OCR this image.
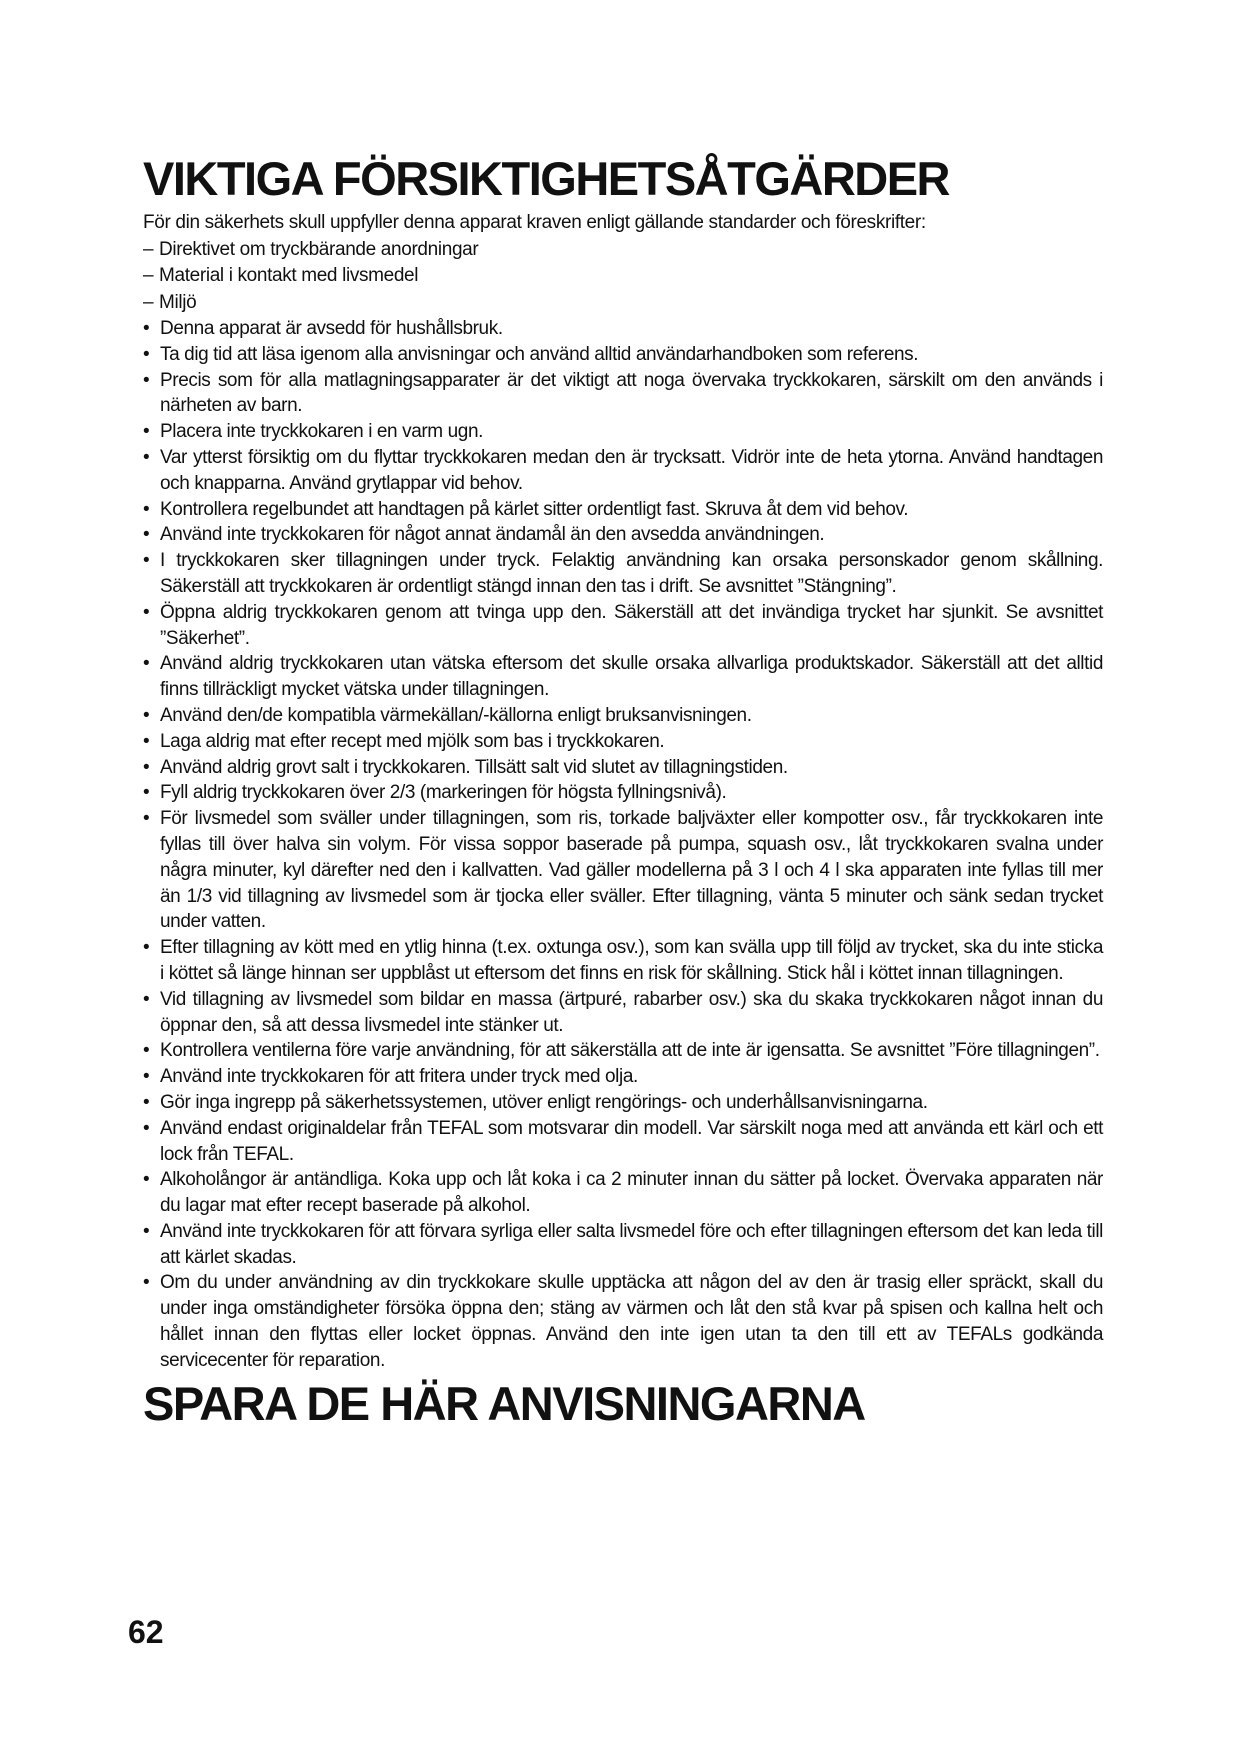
VIKTIGA FÖRSIKTIGHETSÅTGÄRDER

För din säkerhets skull uppfyller denna apparat kraven enligt gällande standarder och föreskrifter:

– Direktivet om tryckbärande anordningar
– Material i kontakt med livsmedel
– Miljö
• Denna apparat är avsedd för hushållsbruk.
• Ta dig tid att läsa igenom alla anvisningar och använd alltid användarhandboken som referens.
• Precis som för alla matlagningsapparater är det viktigt att noga övervaka tryckkokaren, särskilt om den används i närheten av barn.
• Placera inte tryckkokaren i en varm ugn.
• Var ytterst försiktig om du flyttar tryckkokaren medan den är trycksatt. Vidrör inte de heta ytorna. Använd handtagen och knapparna. Använd grytlappar vid behov.
• Kontrollera regelbundet att handtagen på kärlet sitter ordentligt fast. Skruva åt dem vid behov.
• Använd inte tryckkokaren för något annat ändamål än den avsedda användningen.
• I tryckkokaren sker tillagningen under tryck. Felaktig användning kan orsaka personskador genom skållning. Säkerställ att tryckkokaren är ordentligt stängd innan den tas i drift. Se avsnittet ”Stängning”.
• Öppna aldrig tryckkokaren genom att tvinga upp den. Säkerställ att det invändiga trycket har sjunkit. Se avsnittet ”Säkerhet”.
• Använd aldrig tryckkokaren utan vätska eftersom det skulle orsaka allvarliga produktskador. Säkerställ att det alltid finns tillräckligt mycket vätska under tillagningen.
• Använd den/de kompatibla värmekällan/-källorna enligt bruksanvisningen.
• Laga aldrig mat efter recept med mjölk som bas i tryckkokaren.
• Använd aldrig grovt salt i tryckkokaren. Tillsätt salt vid slutet av tillagningstiden.
• Fyll aldrig tryckkokaren över 2/3 (markeringen för högsta fyllningsnivå).
• För livsmedel som sväller under tillagningen, som ris, torkade baljväxter eller kompotter osv., får tryckkokaren inte fyllas till över halva sin volym. För vissa soppor baserade på pumpa, squash osv., låt tryckkokaren svalna under några minuter, kyl därefter ned den i kallvatten. Vad gäller modellerna på 3 l och 4 l ska apparaten inte fyllas till mer än 1/3 vid tillagning av livsmedel som är tjocka eller sväller. Efter tillagning, vänta 5 minuter och sänk sedan trycket under vatten.
• Efter tillagning av kött med en ytlig hinna (t.ex. oxtunga osv.), som kan svälla upp till följd av trycket, ska du inte sticka i köttet så länge hinnan ser uppblåst ut eftersom det finns en risk för skållning. Stick hål i köttet innan tillagningen.
• Vid tillagning av livsmedel som bildar en massa (ärtpuré, rabarber osv.) ska du skaka tryckkokaren något innan du öppnar den, så att dessa livsmedel inte stänker ut.
• Kontrollera ventilerna före varje användning, för att säkerställa att de inte är igensatta. Se avsnittet ”Före tillagningen”.
• Använd inte tryckkokaren för att fritera under tryck med olja.
• Gör inga ingrepp på säkerhetssystemen, utöver enligt rengörings- och underhållsanvisningarna.
• Använd endast originaldelar från TEFAL som motsvarar din modell. Var särskilt noga med att använda ett kärl och ett lock från TEFAL.
• Alkoholångor är antändliga. Koka upp och låt koka i ca 2 minuter innan du sätter på locket. Övervaka apparaten när du lagar mat efter recept baserade på alkohol.
• Använd inte tryckkokaren för att förvara syrliga eller salta livsmedel före och efter tillagningen eftersom det kan leda till att kärlet skadas.
• Om du under användning av din tryckkokare skulle upptäcka att någon del av den är trasig eller spräckt, skall du under inga omständigheter försöka öppna den; stäng av värmen och låt den stå kvar på spisen och kallna helt och hållet innan den flyttas eller locket öppnas. Använd den inte igen utan ta den till ett av TEFALs godkända servicecenter för reparation.
SPARA DE HÄR ANVISNINGARNA
62
